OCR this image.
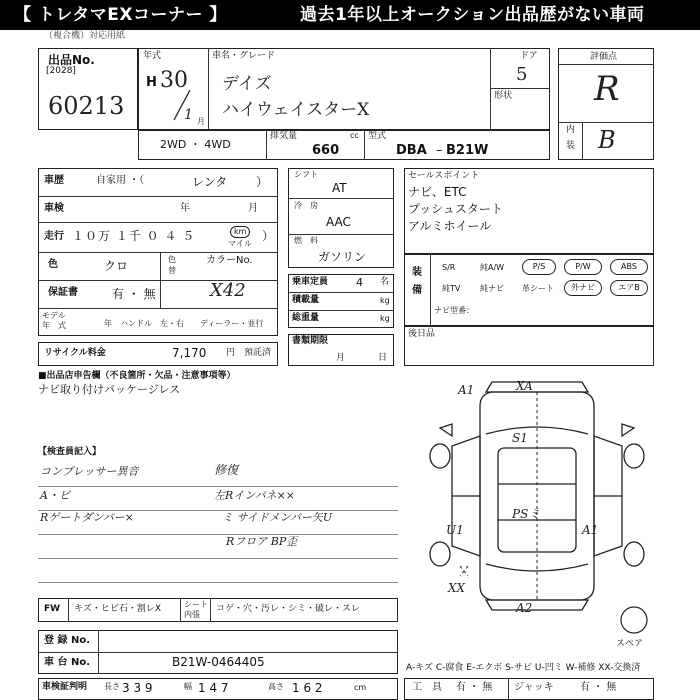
【 トレタマEXコーナー 】	過去1年以上オークション出品歴がない車両
（複合機）対応用紙
出品No.
[2028]
60213
年式
H 30
1 月
車名・グレード
デイズ
ハイウェイスターX
ドア
5
形状
評価点
R
内
装 B
2WD ・ 4WD
排気量	cc
660
型式
DBA B21W
–
車歴	自家用 ・（	レンタ ）
車検	年	月
走行 １０万 １千 ０ ４ ５	km
マイル
）
色	クロ	色
替
カラーNo.
X42
保証書	有 ・ 無
モデル
年　式	年 ハンドル　左・右 ディーラー・並行
リサイクル料金	7,170 円 預託済
シフト
AT
冷　房
AAC
燃　料
ガソリン
乗車定員	4 名
積載量	kg
総重量	kg
書類期限
月	日
セールスポイント
ナビ、ETC
プッシュスタート
アルミホイール
装
備
S/R	純A/W	P/S	P/W	ABS
純TV 純ナビ 革シート	外ナビ	エアB
ナビ型番：
後日品
■出品店申告欄（不良箇所・欠品・注意事項等）
ナビ取り付けパッケージレス
【検査員記入】
コンプレッサー異音
A・ビ
Rゲートダンパー×
修復
左Rインパネ××
ミ サイドメンバー矢U
Rフロア BP歪
A1	XA
S1
PSミ
U1	A1
XX
A2
スペア
FW キズ・ヒビ石・割レX	シート
内張
コゲ・穴・汚レ・シミ・破レ・スレ
登 録 No.
車 台 No.	B21W-0464405	A-キズ C-腐食 E-エクボ S-サビ U-凹ミ W-補修 XX-交換済
車検証判明 長さ 3 3 9	幅 1 4 7	高さ 1 6 2	cm	工　具 有 ・ 無 ジャッキ	有 ・ 無
